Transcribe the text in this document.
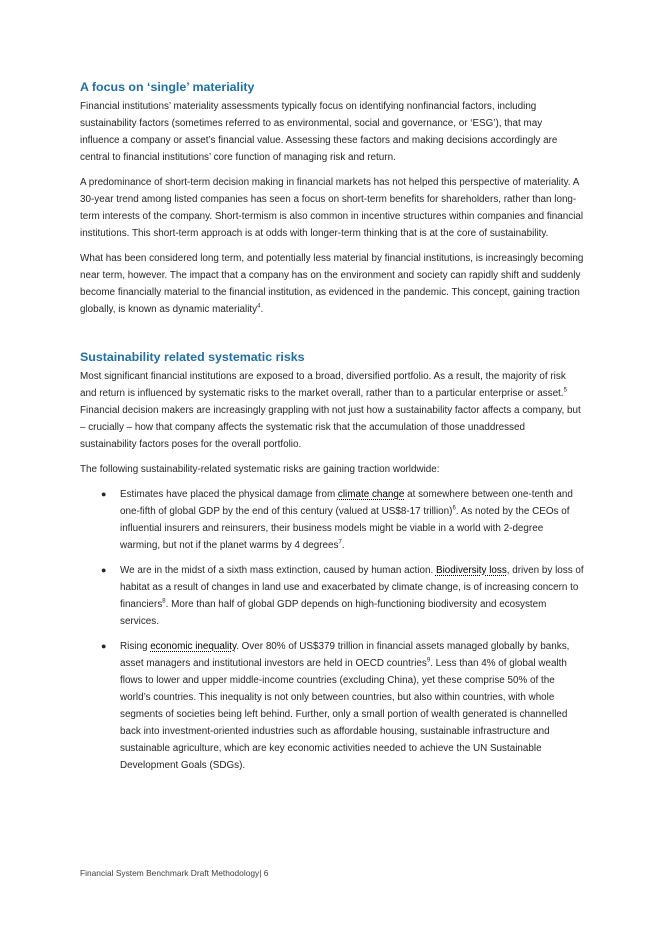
A focus on ‘single’ materiality

Financial institutions’ materiality assessments typically focus on identifying nonfinancial factors, including sustainability factors (sometimes referred to as environmental, social and governance, or ‘ESG’), that may influence a company or asset’s financial value. Assessing these factors and making decisions accordingly are central to financial institutions’ core function of managing risk and return.

A predominance of short-term decision making in financial markets has not helped this perspective of materiality. A 30-year trend among listed companies has seen a focus on short-term benefits for shareholders, rather than long-term interests of the company. Short-termism is also common in incentive structures within companies and financial institutions. This short-term approach is at odds with longer-term thinking that is at the core of sustainability.

What has been considered long term, and potentially less material by financial institutions, is increasingly becoming near term, however. The impact that a company has on the environment and society can rapidly shift and suddenly become financially material to the financial institution, as evidenced in the pandemic. This concept, gaining traction globally, is known as dynamic materiality$^4$.

Sustainability related systematic risks

Most significant financial institutions are exposed to a broad, diversified portfolio. As a result, the majority of risk and return is influenced by systematic risks to the market overall, rather than to a particular enterprise or asset.$^5$ Financial decision makers are increasingly grappling with not just how a sustainability factor affects a company, but – crucially – how that company affects the systematic risk that the accumulation of those unaddressed sustainability factors poses for the overall portfolio.

The following sustainability-related systematic risks are gaining traction worldwide:

● Estimates have placed the physical damage from climate change at somewhere between one-tenth and one-fifth of global GDP by the end of this century (valued at US$8-17 trillion)$^6$. As noted by the CEOs of influential insurers and reinsurers, their business models might be viable in a world with 2-degree warming, but not if the planet warms by 4 degrees$^7$.
● We are in the midst of a sixth mass extinction, caused by human action. Biodiversity loss, driven by loss of habitat as a result of changes in land use and exacerbated by climate change, is of increasing concern to financiers$^8$. More than half of global GDP depends on high-functioning biodiversity and ecosystem services.
● Rising economic inequality. Over 80% of US$379 trillion in financial assets managed globally by banks, asset managers and institutional investors are held in OECD countries$^9$. Less than 4% of global wealth flows to lower and upper middle-income countries (excluding China), yet these comprise 50% of the world’s countries. This inequality is not only between countries, but also within countries, with whole segments of societies being left behind. Further, only a small portion of wealth generated is channelled back into investment-oriented industries such as affordable housing, sustainable infrastructure and sustainable agriculture, which are key economic activities needed to achieve the UN Sustainable Development Goals (SDGs).
Financial System Benchmark Draft Methodology| 6
